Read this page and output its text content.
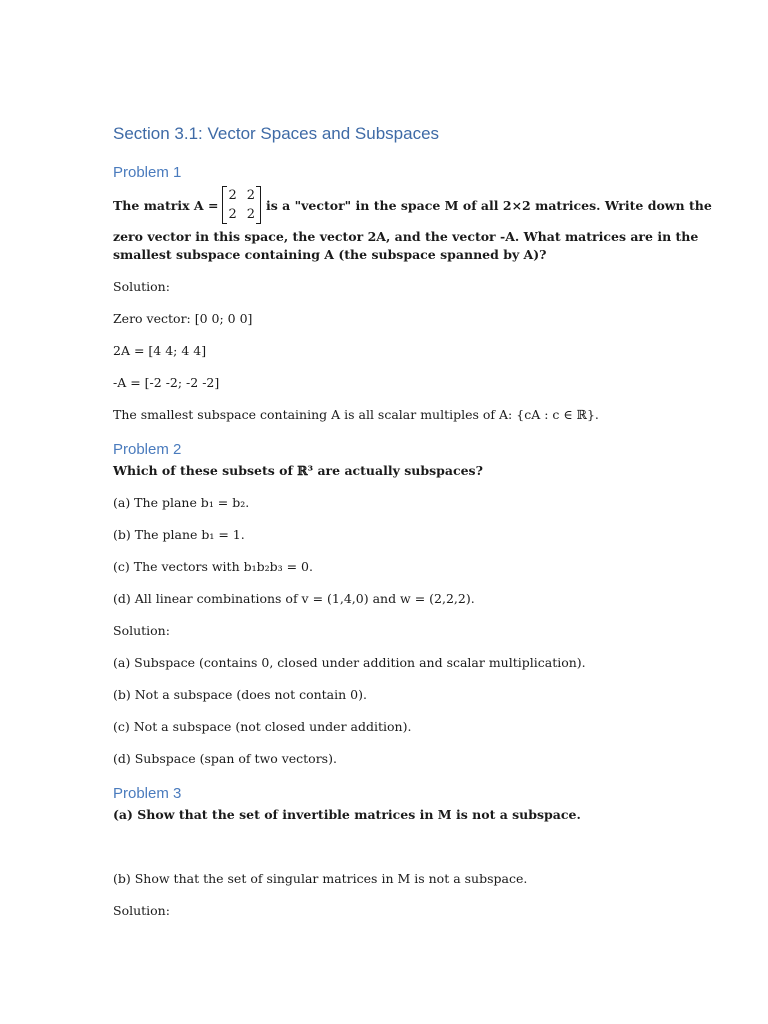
Section 3.1: Vector Spaces and Subspaces
Problem 1
The matrix A =
2 2
2 2
is a "vector" in the space M of all 2×2 matrices. Write down the
zero vector in this space, the vector 2A, and the vector -A. What matrices are in the
smallest subspace containing A (the subspace spanned by A)?
Solution:
Zero vector: [0 0; 0 0]
2A = [4 4; 4 4]
-A = [-2 -2; -2 -2]
The smallest subspace containing A is all scalar multiples of A: {cA : c ∈ ℝ}.
Problem 2
Which of these subsets of ℝ³ are actually subspaces?
(a) The plane b₁ = b₂.
(b) The plane b₁ = 1.
(c) The vectors with b₁b₂b₃ = 0.
(d) All linear combinations of v = (1,4,0) and w = (2,2,2).
Solution:
(a) Subspace (contains 0, closed under addition and scalar multiplication).
(b) Not a subspace (does not contain 0).
(c) Not a subspace (not closed under addition).
(d) Subspace (span of two vectors).
Problem 3
(a) Show that the set of invertible matrices in M is not a subspace.
(b) Show that the set of singular matrices in M is not a subspace.
Solution:
